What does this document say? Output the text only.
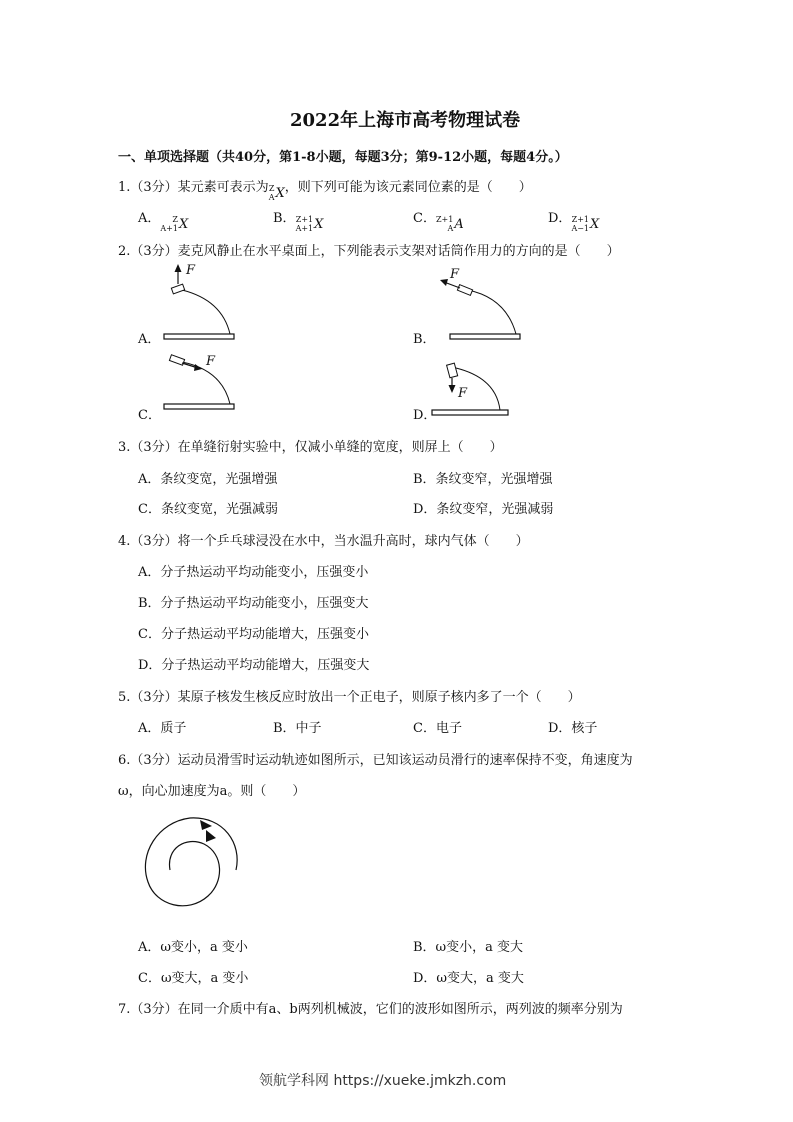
2022年上海市高考物理试卷
一、单项选择题（共40分，第1-8小题，每题3分；第9-12小题，每题4分。）
1.（3分）某元素可表示为 Z
A X ，则下列可能为该元素同位素的是（　　）
A． Z
A+1 X	B． Z+1
A+1 X	C． Z+1
A A	D． Z+1
A−1 X
2.（3分）麦克风静止在水平桌面上，下列能表示支架对话筒作用力的方向的是（　　）
A．
F
B．
F
C．
F
D．
F
3.（3分）在单缝衍射实验中，仅减小单缝的宽度，则屏上（　　）
A．条纹变宽，光强增强	B．条纹变窄，光强增强
C．条纹变宽，光强减弱	D．条纹变窄，光强减弱
4.（3分）将一个乒乓球浸没在水中，当水温升高时，球内气体（　　）
A．分子热运动平均动能变小，压强变小
B．分子热运动平均动能变小，压强变大
C．分子热运动平均动能增大，压强变小
D．分子热运动平均动能增大，压强变大
5.（3分）某原子核发生核反应时放出一个正电子，则原子核内多了一个（　　）
A．质子	B．中子	C．电子	D．核子
6.（3分）运动员滑雪时运动轨迹如图所示，已知该运动员滑行的速率保持不变，角速度为
ω，向心加速度为a。则（　　）
A．ω变小，a 变小	B．ω变小，a 变大
C．ω变大，a 变小	D．ω变大，a 变大
7.（3分）在同一介质中有a、b两列机械波，它们的波形如图所示，两列波的频率分别为
领航学科网 https://xueke.jmkzh.com
